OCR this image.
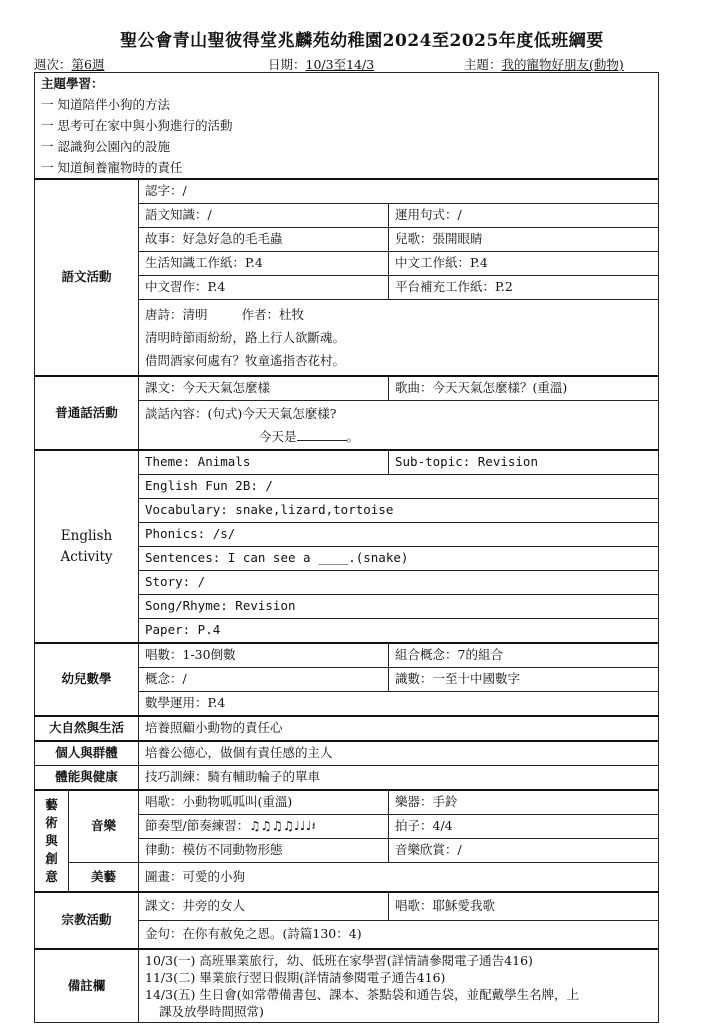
聖公會青山聖彼得堂兆麟苑幼稚園2024至2025年度低班綱要
週次：第6週	日期：10/3至14/3	主題：我的寵物好朋友(動物)
主題學習：
一 知道陪伴小狗的方法
一 思考可在家中與小狗進行的活動
一 認識狗公園內的設施
一 知道飼養寵物時的責任			

語文活動		認字：/	
		語文知識：/	運用句式：/
		故事：好急好急的毛毛蟲	兒歌：張開眼睛
		生活知識工作紙：P.4	中文工作紙：P.4
		中文習作：P.4	平台補充工作紙：P.2

		唐詩：清明 作者：杜牧
清明時節雨紛紛，路上行人欲斷魂。
借問酒家何處有？牧童遙指杏花村。	

普通話活動		課文：今天天氣怎麼樣	歌曲：今天天氣怎麼樣？(重溫)

		談話內容：(句式)今天天氣怎麼樣?
今天是 。	

English
Activity		Theme: Animals	Sub-topic: Revision
		English Fun 2B: /	
		Vocabulary: snake,lizard,tortoise	
		Phonics: /s/	
		Sentences: I can see a ____.(snake)	
		Story: /	
		Song/Rhyme: Revision	
		Paper: P.4	
幼兒數學		唱數：1-30倒數	組合概念：7的組合
		概念：/	識數：一至十中國數字
		數學運用：P.4	
大自然與生活		培養照顧小動物的責任心	
個人與群體		培養公德心，做個有責任感的主人	
體能與健康		技巧訓練：騎有輔助輪子的單車	

藝
術
與
創
意	音樂	唱歌：小動物呱呱叫(重溫)	樂器：手鈴
		節奏型/節奏練習：♫♫♫♫♩♩♩𝄽	拍子：4/4
		律動：模仿不同動物形態	音樂欣賞：/
	美藝	圖畫：可愛的小狗	
宗教活動		課文：井旁的女人	唱歌：耶穌愛我歌
		金句：在你有赦免之恩。(詩篇130：4)	
備註欄		10/3(一) 高班畢業旅行，幼、低班在家學習(詳情請參閱電子通告416)
11/3(二) 畢業旅行翌日假期(詳情請參閱電子通告416)
14/3(五) 生日會(如常帶備書包、課本、茶點袋和通告袋，並配戴學生名牌，上
課及放學時間照常)	
